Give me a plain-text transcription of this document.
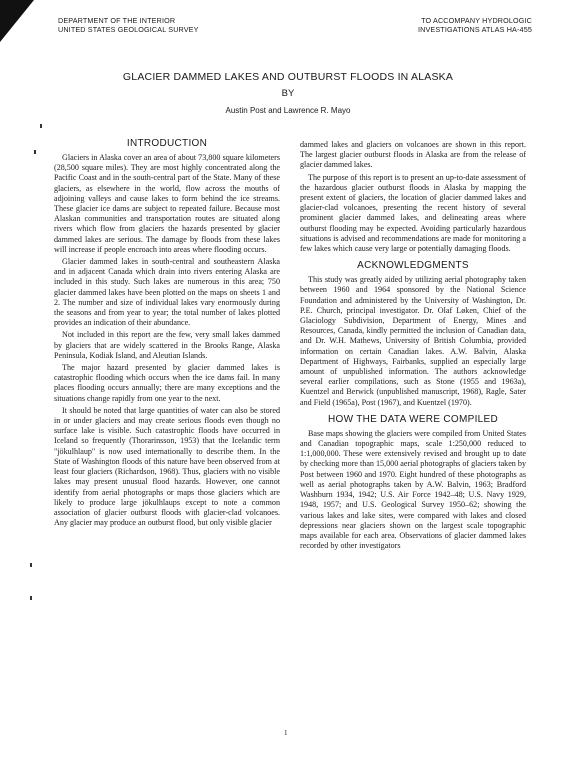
DEPARTMENT OF THE INTERIOR
UNITED STATES GEOLOGICAL SURVEY
TO ACCOMPANY HYDROLOGIC
INVESTIGATIONS ATLAS HA-455
GLACIER DAMMED LAKES AND OUTBURST FLOODS IN ALASKA
BY
Austin Post and Lawrence R. Mayo
INTRODUCTION

Glaciers in Alaska cover an area of about 73,800 square kilometers (28,500 square miles). They are most highly concentrated along the Pacific Coast and in the south-central part of the State. Many of these glaciers, as elsewhere in the world, flow across the mouths of adjoining valleys and cause lakes to form behind the ice streams. These glacier ice dams are subject to repeated failure. Because most Alaskan communities and transportation routes are situated along rivers which flow from glaciers the hazards presented by glacier dammed lakes are serious. The damage by floods from these lakes will increase if people encroach into areas where flooding occurs.

Glacier dammed lakes in south-central and southeastern Alaska and in adjacent Canada which drain into rivers entering Alaska are included in this study. Such lakes are numerous in this area; 750 glacier dammed lakes have been plotted on the maps on sheets 1 and 2. The number and size of individual lakes vary enormously during the seasons and from year to year; the total number of lakes plotted provides an indication of their abundance.

Not included in this report are the few, very small lakes dammed by glaciers that are widely scattered in the Brooks Range, Alaska Peninsula, Kodiak Island, and Aleutian Islands.

The major hazard presented by glacier dammed lakes is catastrophic flooding which occurs when the ice dams fail. In many places flooding occurs annually; there are many exceptions and the situations change rapidly from one year to the next.

It should be noted that large quantities of water can also be stored in or under glaciers and may create serious floods even though no surface lake is visible. Such catastrophic floods have occurred in Iceland so frequently (Thorarinsson, 1953) that the Icelandic term "jökulhlaup" is now used internationally to describe them. In the State of Washington floods of this nature have been observed from at least four glaciers (Richardson, 1968). Thus, glaciers with no visible lakes may present unusual flood hazards. However, one cannot identify from aerial photographs or maps those glaciers which are likely to produce large jökulhlaups except to note a common association of glacier outburst floods with glacier-clad volcanoes. Any glacier may produce an outburst flood, but only visible glacier

dammed lakes and glaciers on volcanoes are shown in this report. The largest glacier outburst floods in Alaska are from the release of glacier dammed lakes.

The purpose of this report is to present an up-to-date assessment of the hazardous glacier outburst floods in Alaska by mapping the present extent of glaciers, the location of glacier dammed lakes and glacier-clad volcanoes, presenting the recent history of several prominent glacier dammed lakes, and delineating areas where outburst flooding may be expected. Avoiding particularly hazardous situations is advised and recommendations are made for monitoring a few lakes which cause very large or potentially damaging floods.

ACKNOWLEDGMENTS

This study was greatly aided by utilizing aerial photography taken between 1960 and 1964 sponsored by the National Science Foundation and administered by the University of Washington, Dr. P.E. Church, principal investigator. Dr. Olaf Løken, Chief of the Glaciology Subdivision, Department of Energy, Mines and Resources, Canada, kindly permitted the inclusion of Canadian data, and Dr. W.H. Mathews, University of British Columbia, provided information on certain Canadian lakes. A.W. Balvin, Alaska Department of Highways, Fairbanks, supplied an especially large amount of unpublished information. The authors acknowledge several earlier compilations, such as Stone (1955 and 1963a), Kuentzel and Berwick (unpublished manuscript, 1968), Ragle, Sater and Field (1965a), Post (1967), and Kuentzel (1970).

HOW THE DATA WERE COMPILED

Base maps showing the glaciers were compiled from United States and Canadian topographic maps, scale 1:250,000 reduced to 1:1,000,000. These were extensively revised and brought up to date by checking more than 15,000 aerial photographs of glaciers taken by Post between 1960 and 1970. Eight hundred of these photographs as well as aerial photographs taken by A.W. Balvin, 1963; Bradford Washburn 1934, 1942; U.S. Air Force 1942–48; U.S. Navy 1929, 1948, 1957; and U.S. Geological Survey 1950–62; showing the various lakes and lake sites, were compared with lakes and closed depressions near glaciers shown on the largest scale topographic maps available for each area. Observations of glacier dammed lakes recorded by other investigators

1
